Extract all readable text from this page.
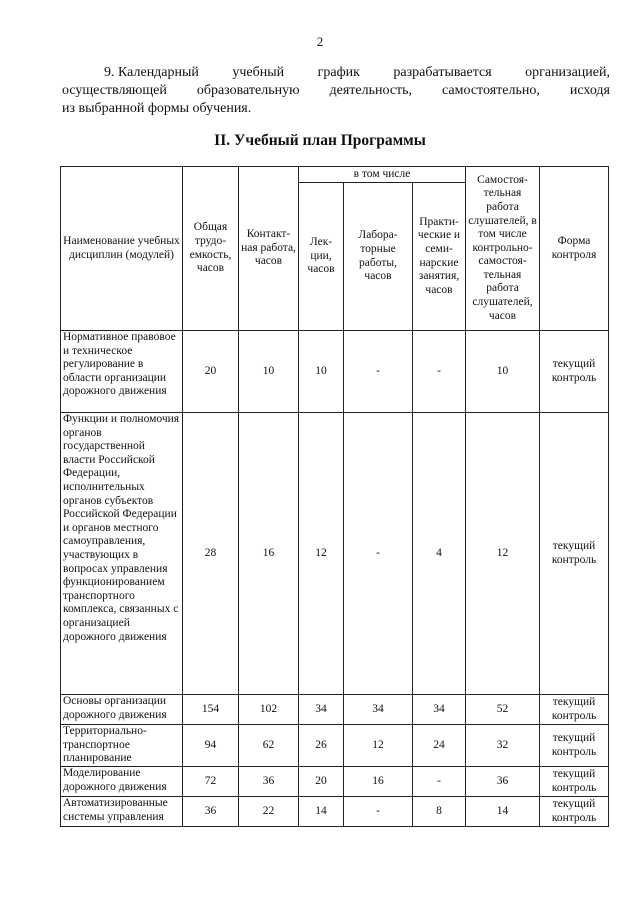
2
9. Календарный учебный график разрабатывается организацией,
осуществляющей образовательную деятельность, самостоятельно, исходя
из выбранной формы обучения.
II. Учебный план Программы
Наименование учебных дисциплин (модулей)	Общая трудо-емкость, часов	Контакт-ная работа, часов	в том числе			Самостоя-тельная работа слушателей, в том числе контрольно-самостоя-тельная работа слушателей, часов	Форма контроля
			Лек-ции, часов	Лабора-торные работы, часов	Практи-ческие и семи-нарские занятия, часов		
Нормативное правовое и техническое регулирование в области организации дорожного движения	20	10	10	-	-	10	текущий контроль
Функции и полномочия органов государственной власти Российской Федерации, исполнительных органов субъектов Российской Федерации и органов местного самоуправления, участвующих в вопросах управления функционированием транспортного комплекса, связанных с организацией дорожного движения	28	16	12	-	4	12	текущий контроль
Основы организации дорожного движения	154	102	34	34	34	52	текущий контроль
Территориально-транспортное планирование	94	62	26	12	24	32	текущий контроль
Моделирование дорожного движения	72	36	20	16	-	36	текущий контроль
Автоматизированные системы управления	36	22	14	-	8	14	текущий контроль
